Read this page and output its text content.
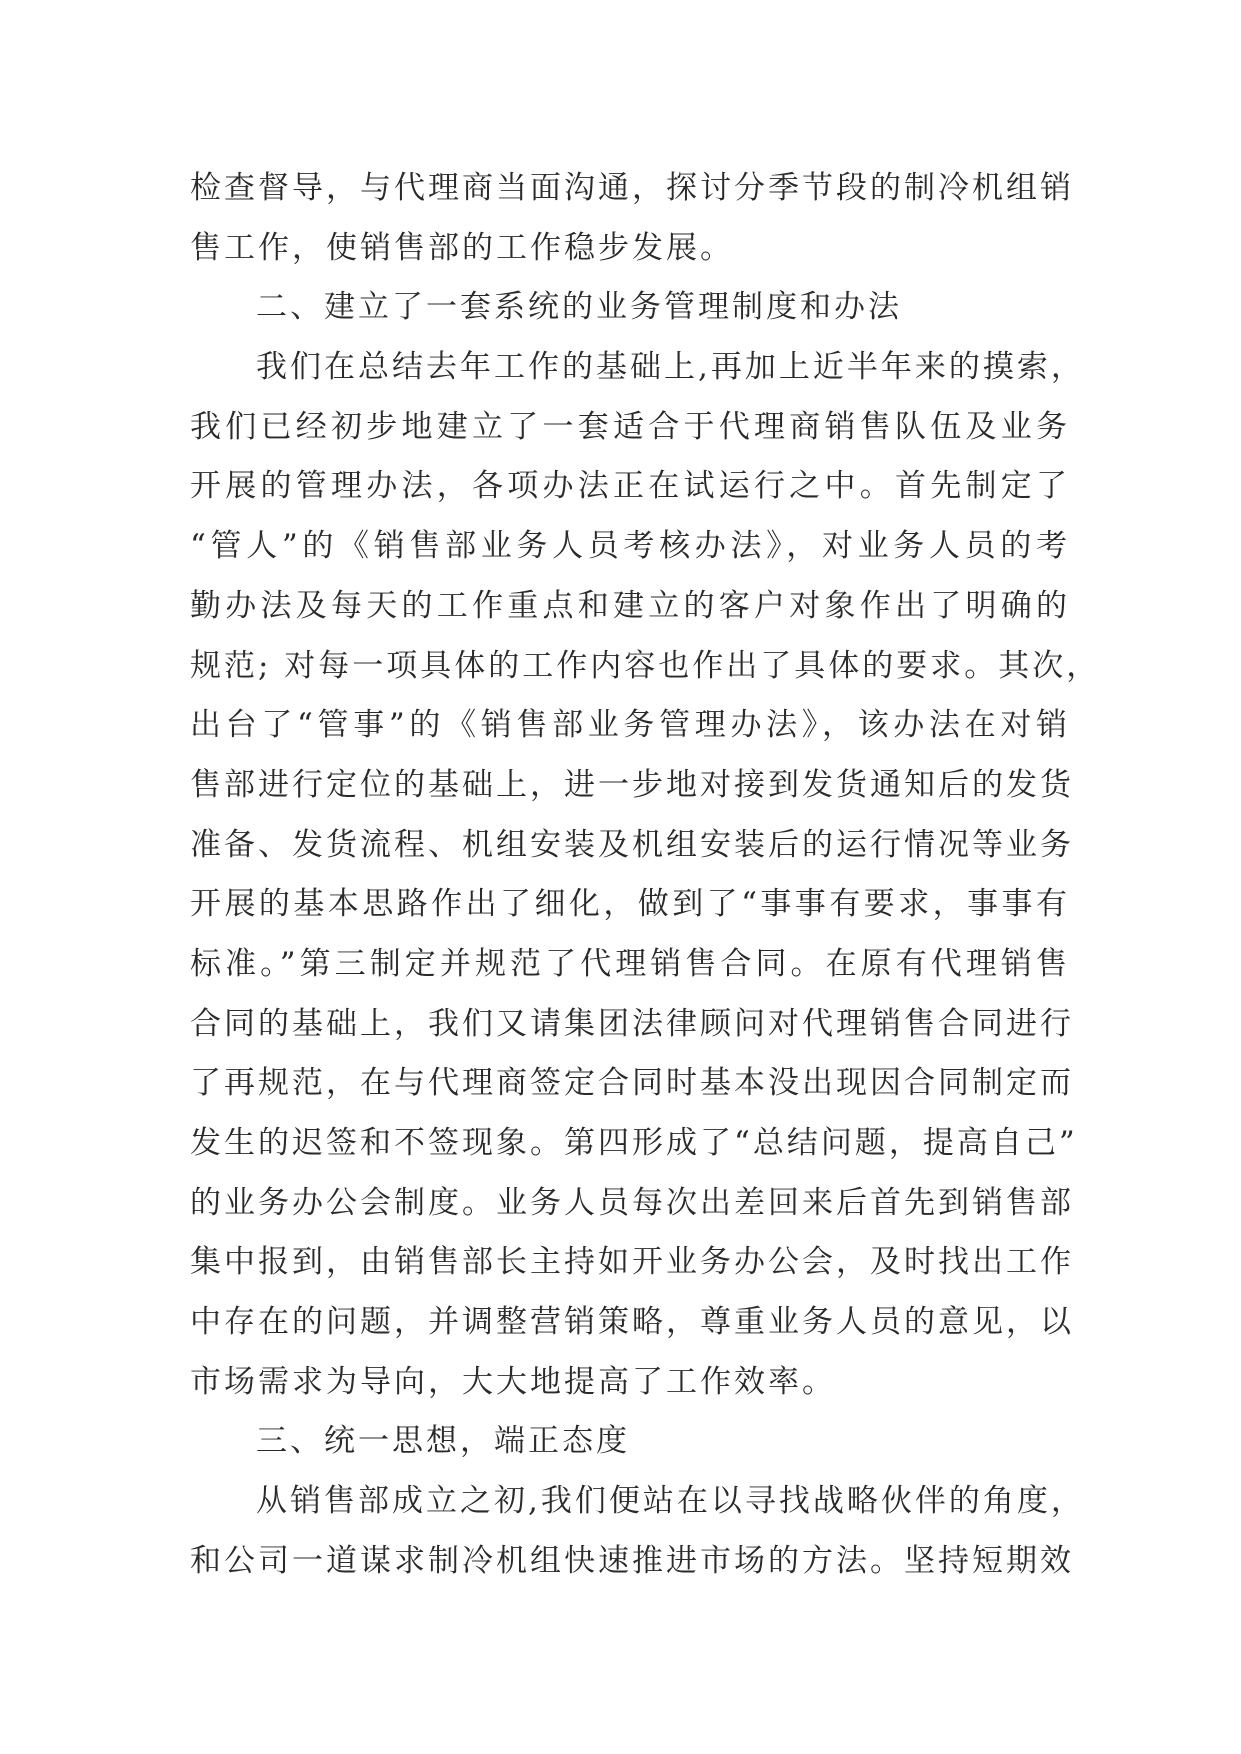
检查督导，与代理商当面沟通，探讨分季节段的制冷机组销
售工作，使销售部的工作稳步发展。
二、建立了一套系统的业务管理制度和办法
我们在总结去年工作的基础上,再加上近半年来的摸索，
我们已经初步地建立了一套适合于代理商销售队伍及业务
开展的管理办法，各项办法正在试运行之中。首先制定了
“管人”的《销售部业务人员考核办法》，对业务人员的考
勤办法及每天的工作重点和建立的客户对象作出了明确的
规范; 对每一项具体的工作内容也作出了具体的要求。其次，
出台了“管事”的《销售部业务管理办法》，该办法在对销
售部进行定位的基础上，进一步地对接到发货通知后的发货
准备、发货流程、机组安装及机组安装后的运行情况等业务
开展的基本思路作出了细化，做到了“事事有要求，事事有
标准。”第三制定并规范了代理销售合同。在原有代理销售
合同的基础上，我们又请集团法律顾问对代理销售合同进行
了再规范，在与代理商签定合同时基本没出现因合同制定而
发生的迟签和不签现象。第四形成了“总结问题，提高自己”
的业务办公会制度。业务人员每次出差回来后首先到销售部
集中报到，由销售部长主持如开业务办公会，及时找出工作
中存在的问题，并调整营销策略，尊重业务人员的意见，以
市场需求为导向，大大地提高了工作效率。
三、统一思想，端正态度
从销售部成立之初,我们便站在以寻找战略伙伴的角度，
和公司一道谋求制冷机组快速推进市场的方法。坚持短期效
